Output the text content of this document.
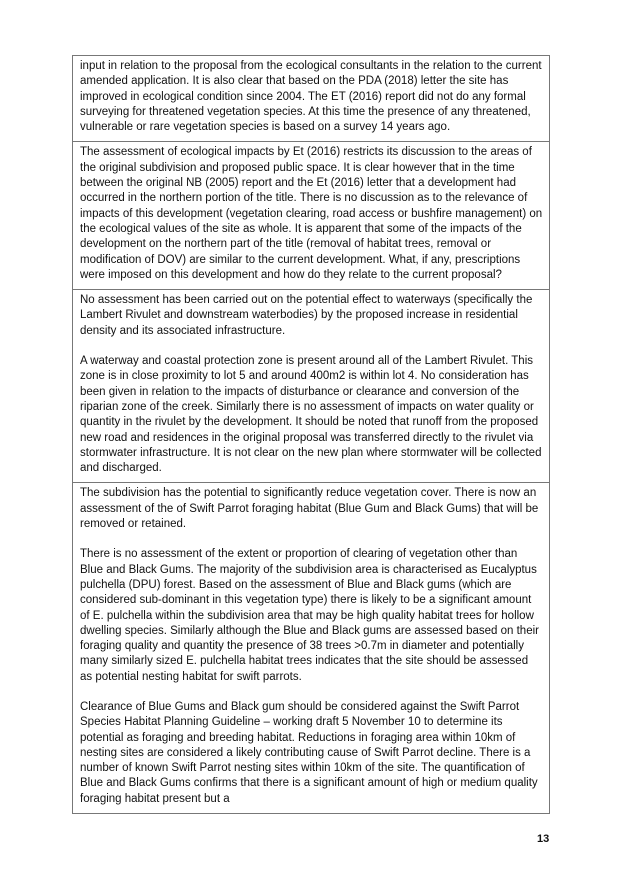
input in relation to the proposal from the ecological consultants in the relation to the current amended application. It is also clear that based on the PDA (2018) letter the site has improved in ecological condition since 2004. The ET (2016) report did not do any formal surveying for threatened vegetation species. At this time the presence of any threatened, vulnerable or rare vegetation species is based on a survey 14 years ago.

The assessment of ecological impacts by Et (2016) restricts its discussion to the areas of the original subdivision and proposed public space. It is clear however that in the time between the original NB (2005) report and the Et (2016) letter that a development had occurred in the northern portion of the title. There is no discussion as to the relevance of impacts of this development (vegetation clearing, road access or bushfire management) on the ecological values of the site as whole. It is apparent that some of the impacts of the development on the northern part of the title (removal of habitat trees, removal or modification of DOV) are similar to the current development. What, if any, prescriptions were imposed on this development and how do they relate to the current proposal?

No assessment has been carried out on the potential effect to waterways (specifically the Lambert Rivulet and downstream waterbodies) by the proposed increase in residential density and its associated infrastructure.

A waterway and coastal protection zone is present around all of the Lambert Rivulet. This zone is in close proximity to lot 5 and around 400m2 is within lot 4. No consideration has been given in relation to the impacts of disturbance or clearance and conversion of the riparian zone of the creek. Similarly there is no assessment of impacts on water quality or quantity in the rivulet by the development. It should be noted that runoff from the proposed new road and residences in the original proposal was transferred directly to the rivulet via stormwater infrastructure. It is not clear on the new plan where stormwater will be collected and discharged.

The subdivision has the potential to significantly reduce vegetation cover. There is now an assessment of the of Swift Parrot foraging habitat (Blue Gum and Black Gums) that will be removed or retained.

There is no assessment of the extent or proportion of clearing of vegetation other than Blue and Black Gums. The majority of the subdivision area is characterised as Eucalyptus pulchella (DPU) forest. Based on the assessment of Blue and Black gums (which are considered sub-dominant in this vegetation type) there is likely to be a significant amount of E. pulchella within the subdivision area that may be high quality habitat trees for hollow dwelling species. Similarly although the Blue and Black gums are assessed based on their foraging quality and quantity the presence of 38 trees >0.7m in diameter and potentially many similarly sized E. pulchella habitat trees indicates that the site should be assessed as potential nesting habitat for swift parrots.

Clearance of Blue Gums and Black gum should be considered against the Swift Parrot Species Habitat Planning Guideline – working draft 5 November 10 to determine its potential as foraging and breeding habitat. Reductions in foraging area within 10km of nesting sites are considered a likely contributing cause of Swift Parrot decline. There is a number of known Swift Parrot nesting sites within 10km of the site. The quantification of Blue and Black Gums confirms that there is a significant amount of high or medium quality foraging habitat present but a

13
